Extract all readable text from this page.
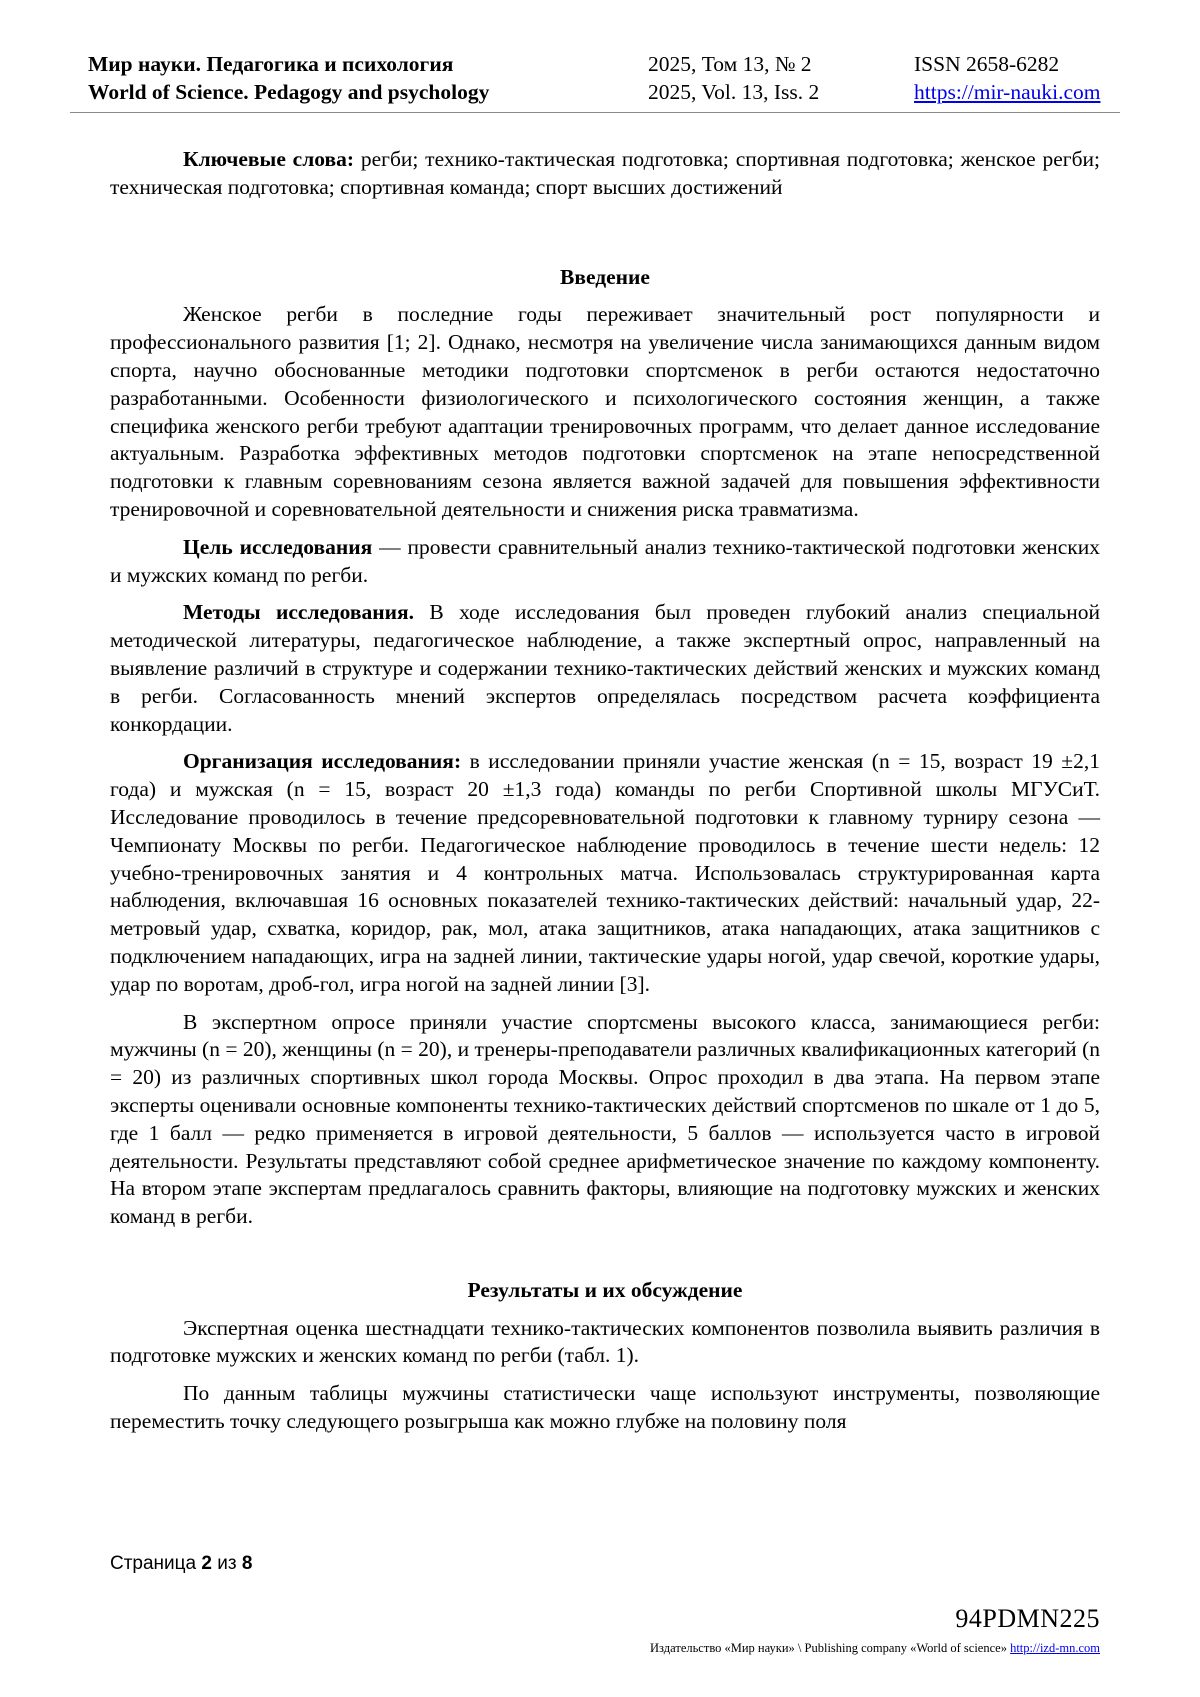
Мир науки. Педагогика и психология
World of Science. Pedagogy and psychology
2025, Том 13, № 2
2025, Vol. 13, Iss. 2
ISSN 2658-6282
https://mir-nauki.com

Ключевые слова: регби; технико-тактическая подготовка; спортивная подготовка; женское регби; техническая подготовка; спортивная команда; спорт высших достижений

Введение

Женское регби в последние годы переживает значительный рост популярности и профессионального развития [1; 2]. Однако, несмотря на увеличение числа занимающихся данным видом спорта, научно обоснованные методики подготовки спортсменок в регби остаются недостаточно разработанными. Особенности физиологического и психологического состояния женщин, а также специфика женского регби требуют адаптации тренировочных программ, что делает данное исследование актуальным. Разработка эффективных методов подготовки спортсменок на этапе непосредственной подготовки к главным соревнованиям сезона является важной задачей для повышения эффективности тренировочной и соревновательной деятельности и снижения риска травматизма.

Цель исследования — провести сравнительный анализ технико-тактической подготовки женских и мужских команд по регби.

Методы исследования. В ходе исследования был проведен глубокий анализ специальной методической литературы, педагогическое наблюдение, а также экспертный опрос, направленный на выявление различий в структуре и содержании технико-тактических действий женских и мужских команд в регби. Согласованность мнений экспертов определялась посредством расчета коэффициента конкордации.

Организация исследования: в исследовании приняли участие женская (n = 15, возраст 19 ±2,1 года) и мужская (n = 15, возраст 20 ±1,3 года) команды по регби Спортивной школы МГУСиТ. Исследование проводилось в течение предсоревновательной подготовки к главному турниру сезона — Чемпионату Москвы по регби. Педагогическое наблюдение проводилось в течение шести недель: 12 учебно-тренировочных занятия и 4 контрольных матча. Использовалась структурированная карта наблюдения, включавшая 16 основных показателей технико-тактических действий: начальный удар, 22-метровый удар, схватка, коридор, рак, мол, атака защитников, атака нападающих, атака защитников с подключением нападающих, игра на задней линии, тактические удары ногой, удар свечой, короткие удары, удар по воротам, дроб-гол, игра ногой на задней линии [3].

В экспертном опросе приняли участие спортсмены высокого класса, занимающиеся регби: мужчины (n = 20), женщины (n = 20), и тренеры-преподаватели различных квалификационных категорий (n = 20) из различных спортивных школ города Москвы. Опрос проходил в два этапа. На первом этапе эксперты оценивали основные компоненты технико-тактических действий спортсменов по шкале от 1 до 5, где 1 балл — редко применяется в игровой деятельности, 5 баллов — используется часто в игровой деятельности. Результаты представляют собой среднее арифметическое значение по каждому компоненту. На втором этапе экспертам предлагалось сравнить факторы, влияющие на подготовку мужских и женских команд в регби.

Результаты и их обсуждение

Экспертная оценка шестнадцати технико-тактических компонентов позволила выявить различия в подготовке мужских и женских команд по регби (табл. 1).

По данным таблицы мужчины статистически чаще используют инструменты, позволяющие переместить точку следующего розыгрыша как можно глубже на половину поля

Страница 2 из 8
94PDMN225
Издательство «Мир науки» \ Publishing company «World of science» http://izd-mn.com
